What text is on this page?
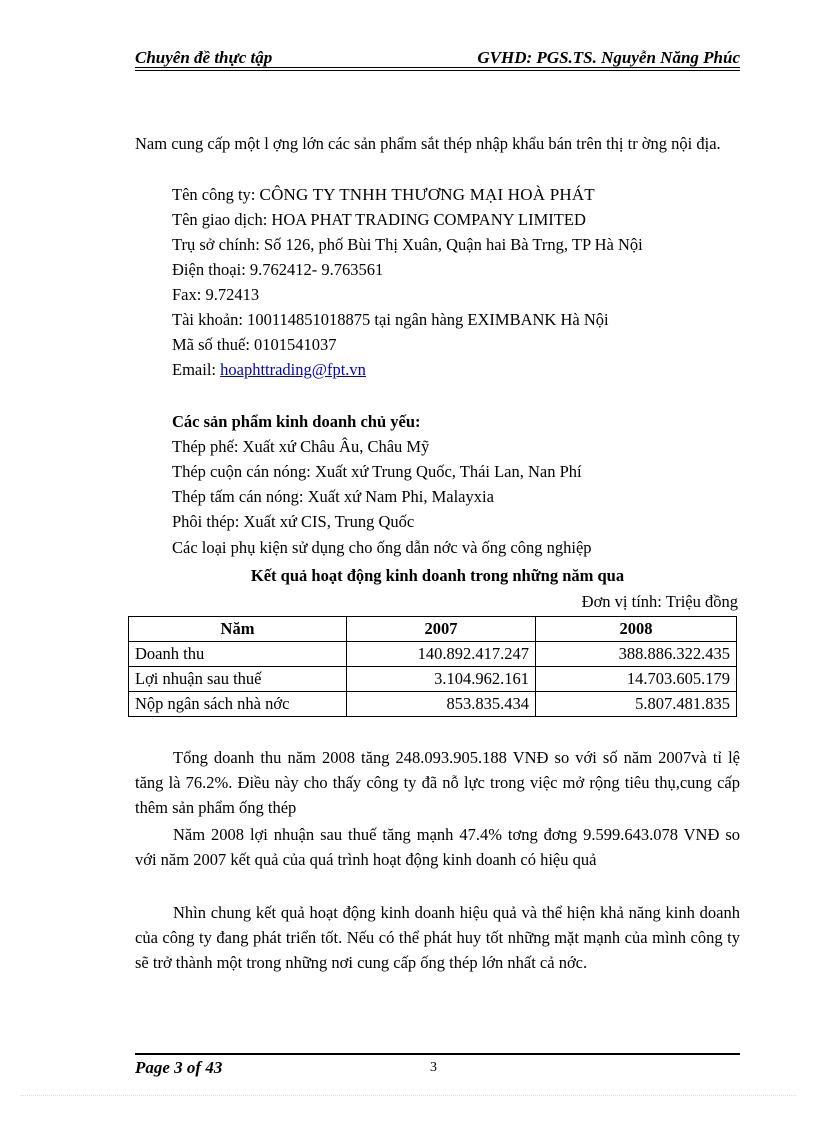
Chuyên đề thực tập	GVHD: PGS.TS. Nguyễn Năng Phúc
Nam cung cấp một l ợng lớn các sản phẩm sắt thép nhập khẩu bán trên thị tr ờng nội địa.
Tên công ty: CÔNG TY TNHH THƯƠNG MẠI HOÀ PHÁT
Tên giao dịch: HOA PHAT TRADING COMPANY LIMITED
Trụ sở chính: Số 126, phố Bùi Thị Xuân, Quận hai Bà Trng, TP Hà Nội
Điện thoại: 9.762412- 9.763561
Fax: 9.72413
Tài khoản: 100114851018875 tại ngân hàng EXIMBANK Hà Nội
Mã số thuế: 0101541037
Email: hoaphttrading@fpt.vn
Các sản phẩm kinh doanh chủ yếu:
Thép phế: Xuất xứ Châu Âu, Châu Mỹ
Thép cuộn cán nóng: Xuất xứ Trung Quốc, Thái Lan, Nan Phí
Thép tấm cán nóng: Xuất xứ Nam Phi, Malayxia
Phôi thép: Xuất xứ CIS, Trung Quốc
Các loại phụ kiện sử dụng cho ống dẫn nớc và ống công nghiệp
Kết quả hoạt động kinh doanh trong những năm qua
Đơn vị tính: Triệu đồng
Năm	2007	2008
Doanh thu	140.892.417.247	388.886.322.435
Lợi nhuận sau thuế	3.104.962.161	14.703.605.179
Nộp ngân sách nhà nớc	853.835.434	5.807.481.835
Tổng doanh thu năm 2008 tăng 248.093.905.188 VNĐ so với số năm 2007và tỉ lệ tăng là 76.2%. Điều này cho thấy công ty đã nỗ lực trong việc mở rộng tiêu thụ,cung cấp thêm sản phẩm ống thép
Năm 2008 lợi nhuận sau thuế tăng mạnh 47.4% tơng đơng 9.599.643.078 VNĐ so với năm 2007 kết quả của quá trình hoạt động kinh doanh có hiệu quả
Nhìn chung kết quả hoạt động kinh doanh hiệu quả và thể hiện khả năng kinh doanh của công ty đang phát triển tốt. Nếu có thể phát huy tốt những mặt mạnh của mình công ty sẽ trở thành một trong những nơi cung cấp ống thép lớn nhất cả nớc.
Page 3 of 43	3
